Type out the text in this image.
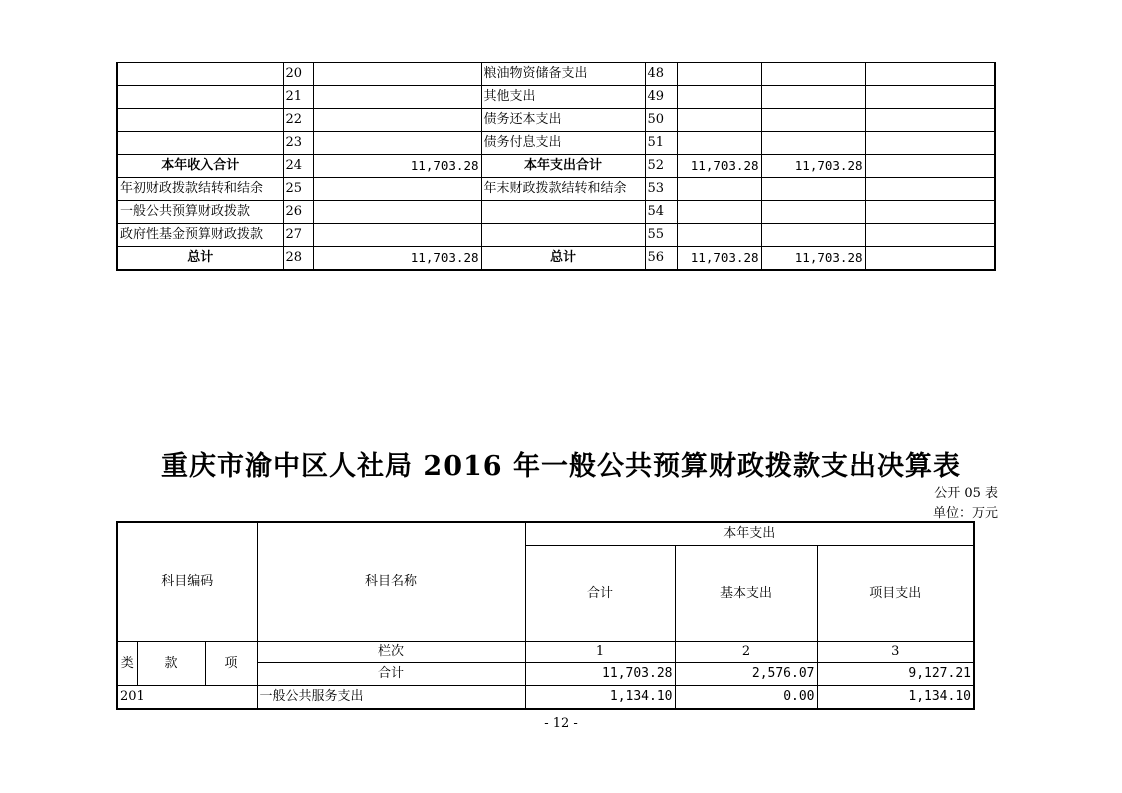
	20		粮油物资储备支出	48			
	21		其他支出	49			
	22		债务还本支出	50			
	23		债务付息支出	51			
本年收入合计	24	11,703.28	本年支出合计	52	11,703.28	11,703.28	
年初财政拨款结转和结余	25		年末财政拨款结转和结余	53			
一般公共预算财政拨款	26			54			
政府性基金预算财政拨款	27			55			
总计	28	11,703.28	总计	56	11,703.28	11,703.28	
重庆市渝中区人社局 2016 年一般公共预算财政拨款支出决算表
公开 05 表
单位：万元
科目编码			科目名称	本年支出		
				合计	基本支出	项目支出

类	款	项	栏次	1	2	3
			合计	11,703.28	2,576.07	9,127.21
201			一般公共服务支出	1,134.10	0.00	1,134.10
- 12 -
